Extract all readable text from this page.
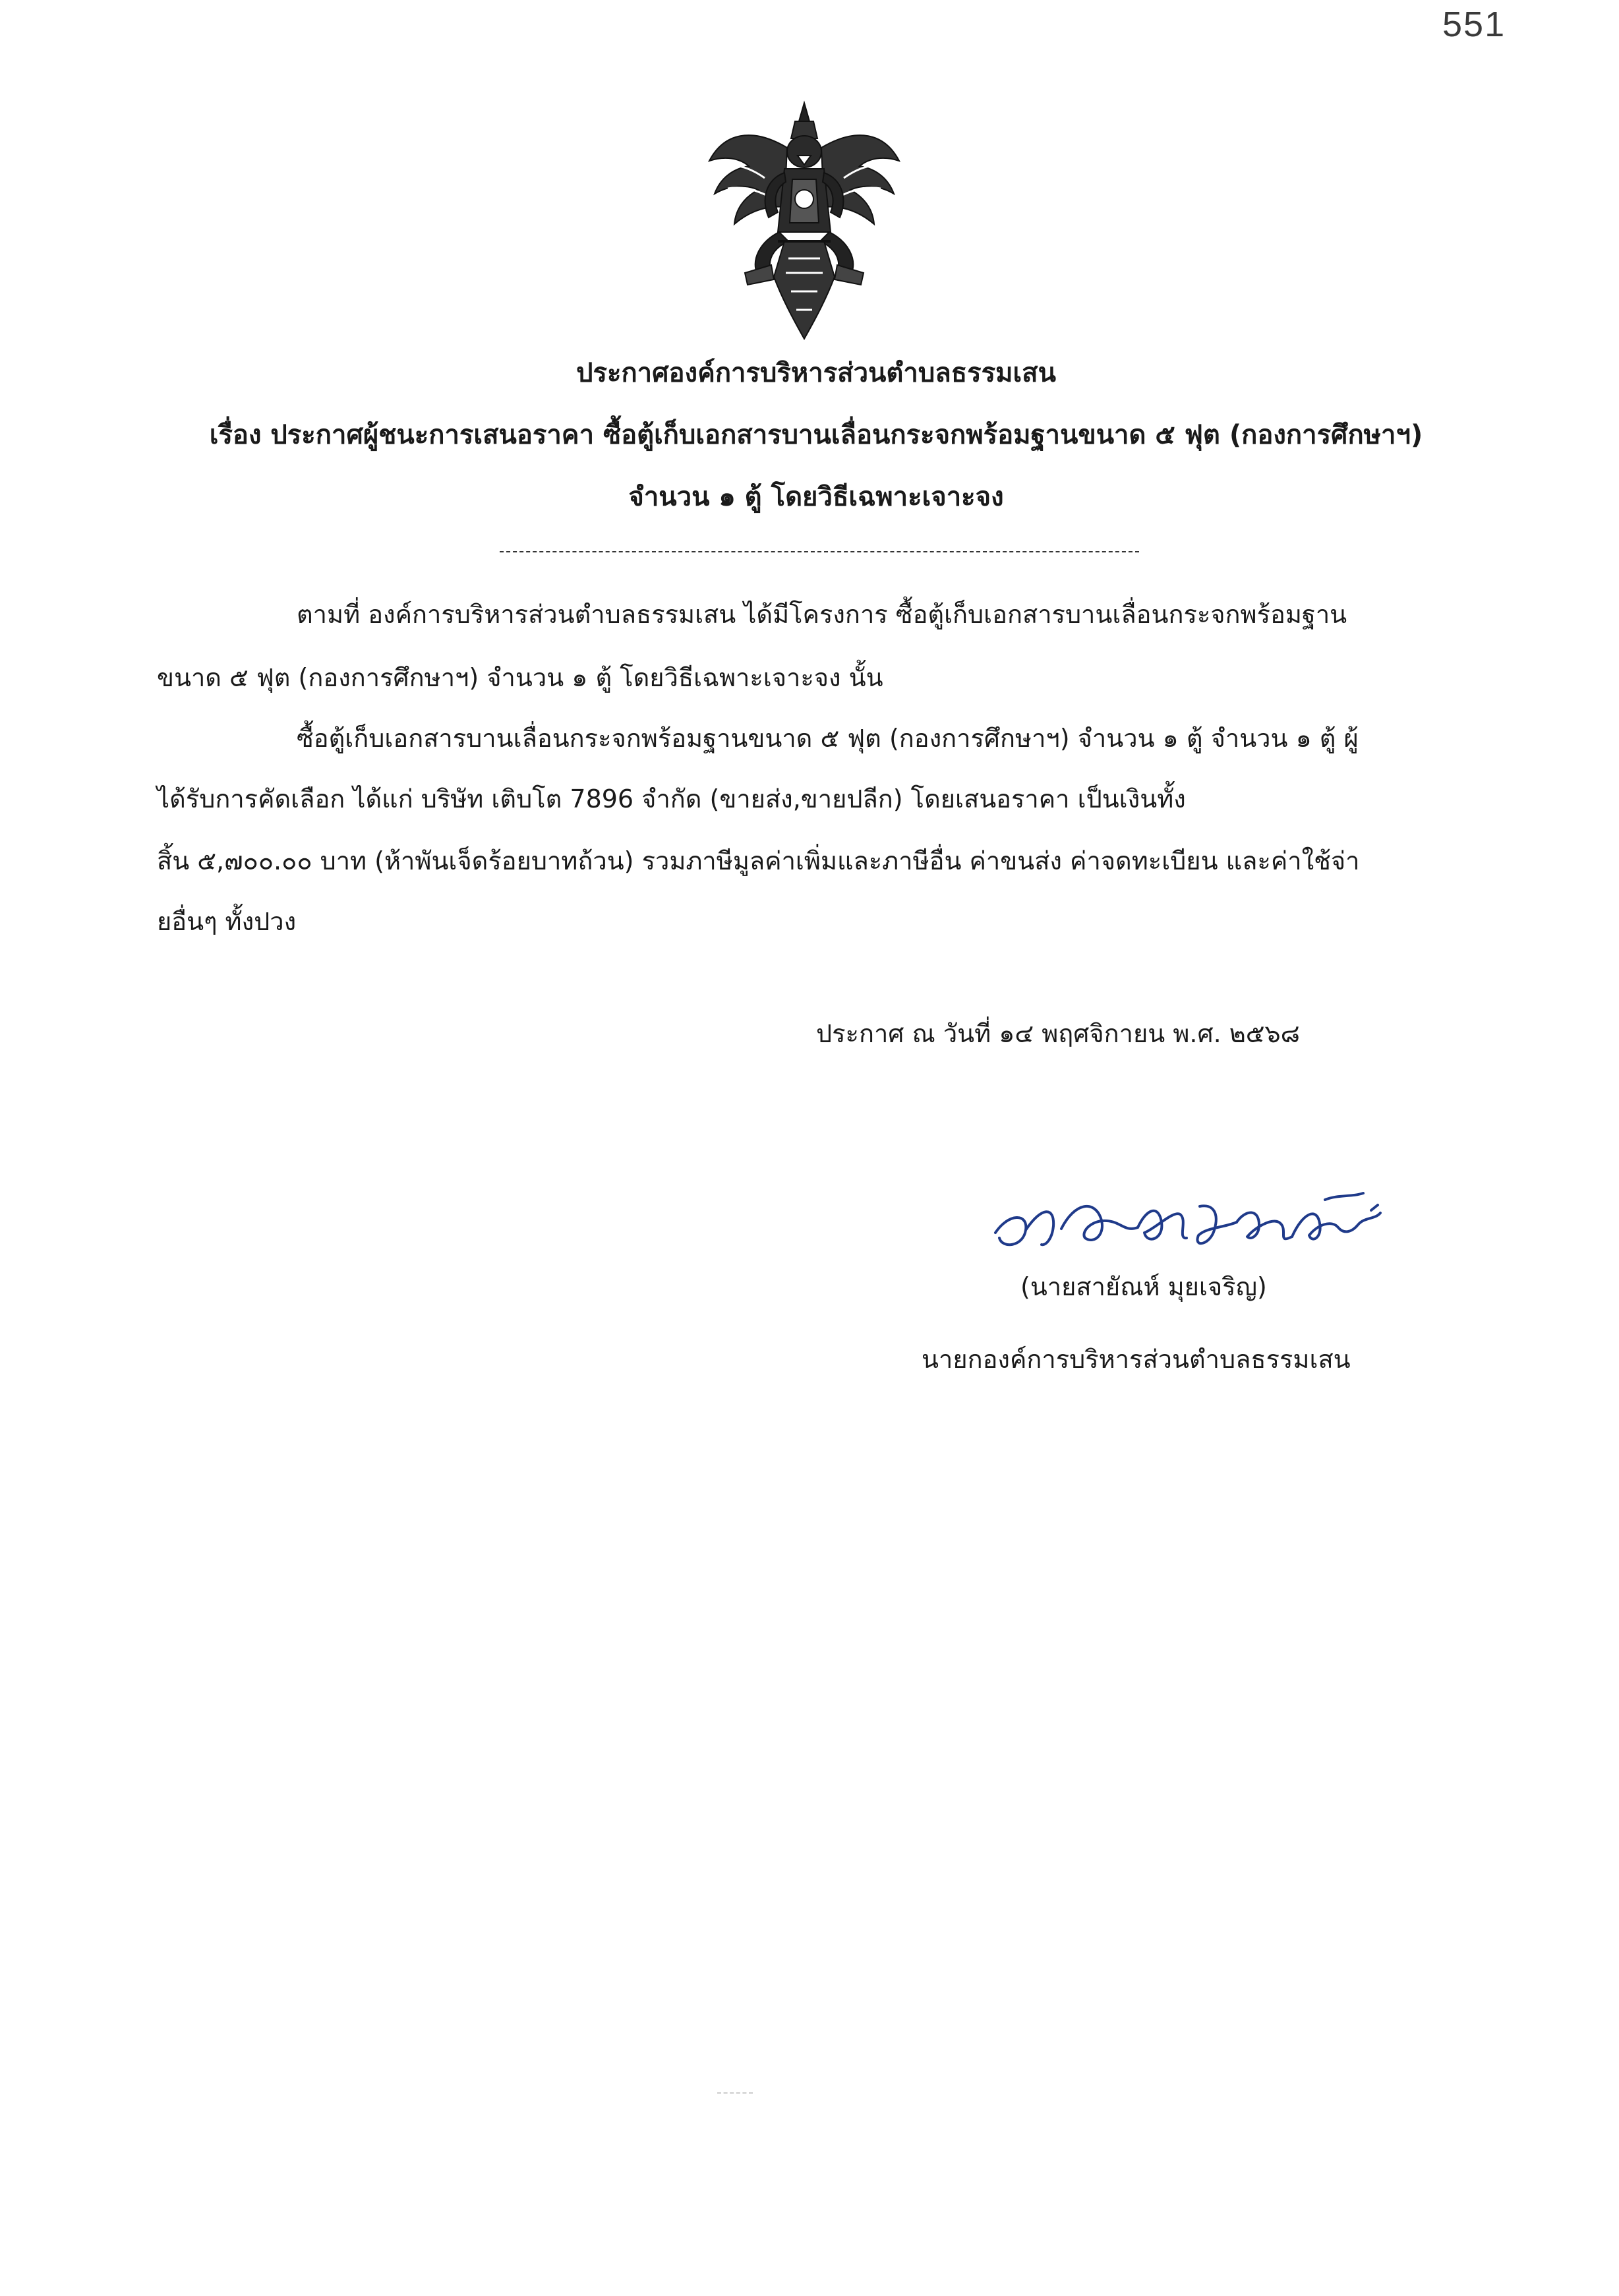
551
ประกาศองค์การบริหารส่วนตำบลธรรมเสน
เรื่อง ประกาศผู้ชนะการเสนอราคา ซื้อตู้เก็บเอกสารบานเลื่อนกระจกพร้อมฐานขนาด ๕ ฟุต (กองการศึกษาฯ)
จำนวน ๑ ตู้ โดยวิธีเฉพาะเจาะจง
ตามที่ องค์การบริหารส่วนตำบลธรรมเสน ได้มีโครงการ ซื้อตู้เก็บเอกสารบานเลื่อนกระจกพร้อมฐาน
ขนาด ๕ ฟุต (กองการศึกษาฯ) จำนวน ๑ ตู้ โดยวิธีเฉพาะเจาะจง นั้น
ซื้อตู้เก็บเอกสารบานเลื่อนกระจกพร้อมฐานขนาด ๕ ฟุต (กองการศึกษาฯ) จำนวน ๑ ตู้ จำนวน ๑ ตู้ ผู้
ได้รับการคัดเลือก ได้แก่ บริษัท เติบโต 7896 จำกัด (ขายส่ง,ขายปลีก) โดยเสนอราคา เป็นเงินทั้ง
สิ้น ๕,๗๐๐.๐๐ บาท (ห้าพันเจ็ดร้อยบาทถ้วน) รวมภาษีมูลค่าเพิ่มและภาษีอื่น ค่าขนส่ง ค่าจดทะเบียน และค่าใช้จ่า
ยอื่นๆ ทั้งปวง
ประกาศ ณ วันที่ ๑๔ พฤศจิกายน พ.ศ. ๒๕๖๘
(นายสายัณห์ มุยเจริญ)
นายกองค์การบริหารส่วนตำบลธรรมเสน
